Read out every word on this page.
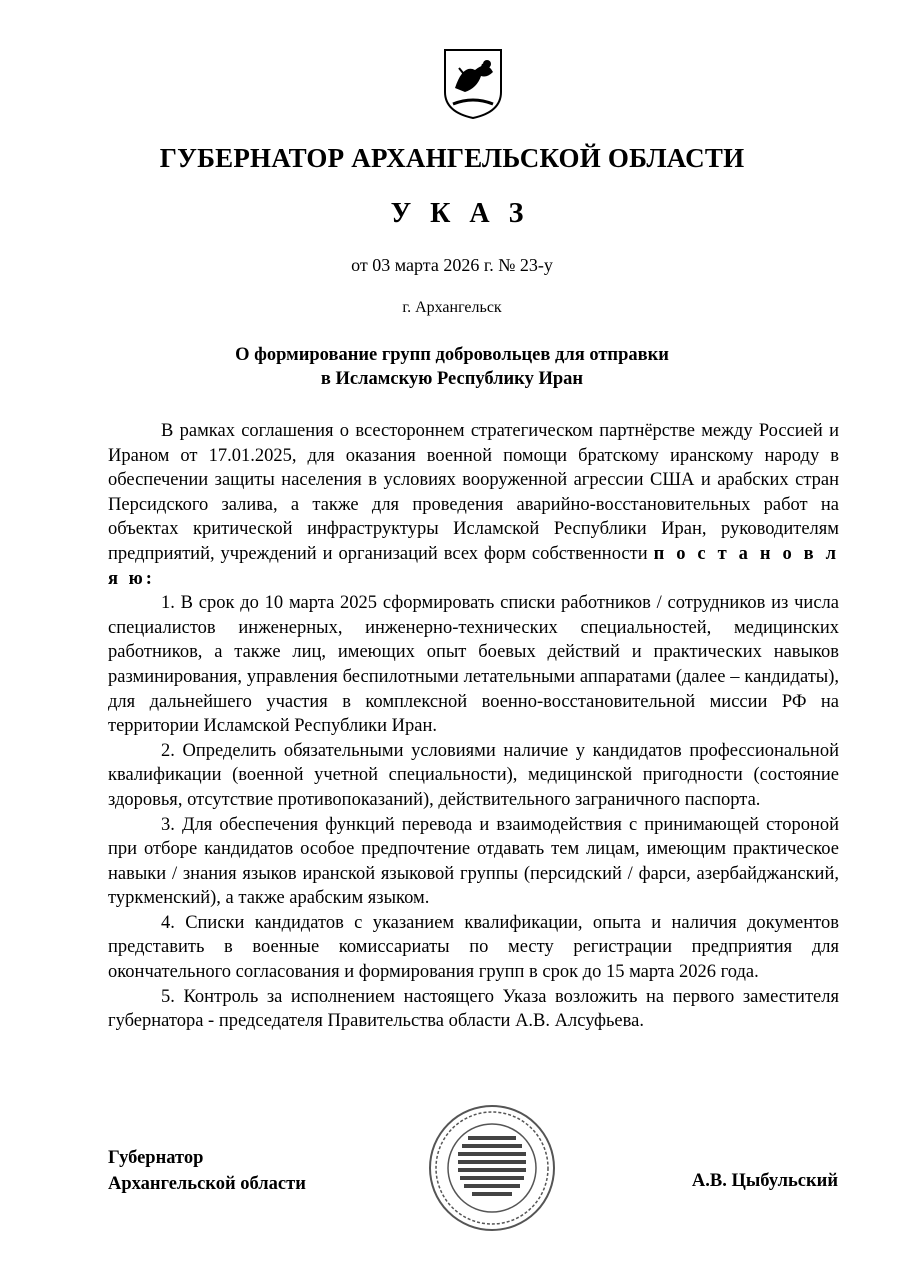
ГУБЕРНАТОР АРХАНГЕЛЬСКОЙ ОБЛАСТИ
У К А З
от 03 марта 2026 г. № 23-у
г. Архангельск
О формирование групп добровольцев для отправки
в Исламскую Республику Иран

В рамках соглашения о всестороннем стратегическом партнёрстве между Россией и Ираном от 17.01.2025, для оказания военной помощи братскому иранскому народу в обеспечении защиты населения в условиях вооруженной агрессии США и арабских стран Персидского залива, а также для проведения аварийно-восстановительных работ на объектах критической инфраструктуры Исламской Республики Иран, руководителям предприятий, учреждений и организаций всех форм собственности п о с т а н о в л я ю:

1. В срок до 10 марта 2025 сформировать списки работников / сотрудников из числа специалистов инженерных, инженерно-технических специальностей, медицинских работников, а также лиц, имеющих опыт боевых действий и практических навыков разминирования, управления беспилотными летательными аппаратами (далее – кандидаты), для дальнейшего участия в комплексной военно-восстановительной миссии РФ на территории Исламской Республики Иран.

2. Определить обязательными условиями наличие у кандидатов профессиональной квалификации (военной учетной специальности), медицинской пригодности (состояние здоровья, отсутствие противопоказаний), действительного заграничного паспорта.

3. Для обеспечения функций перевода и взаимодействия с принимающей стороной при отборе кандидатов особое предпочтение отдавать тем лицам, имеющим практическое навыки / знания языков иранской языковой группы (персидский / фарси, азербайджанский, туркменский), а также арабским языком.

4. Списки кандидатов с указанием квалификации, опыта и наличия документов представить в военные комиссариаты по месту регистрации предприятия для окончательного согласования и формирования групп в срок до 15 марта 2026 года.

5. Контроль за исполнением настоящего Указа возложить на первого заместителя губернатора - председателя Правительства области А.В. Алсуфьева.

Губернатор
Архангельской области	А.В. Цыбульский
